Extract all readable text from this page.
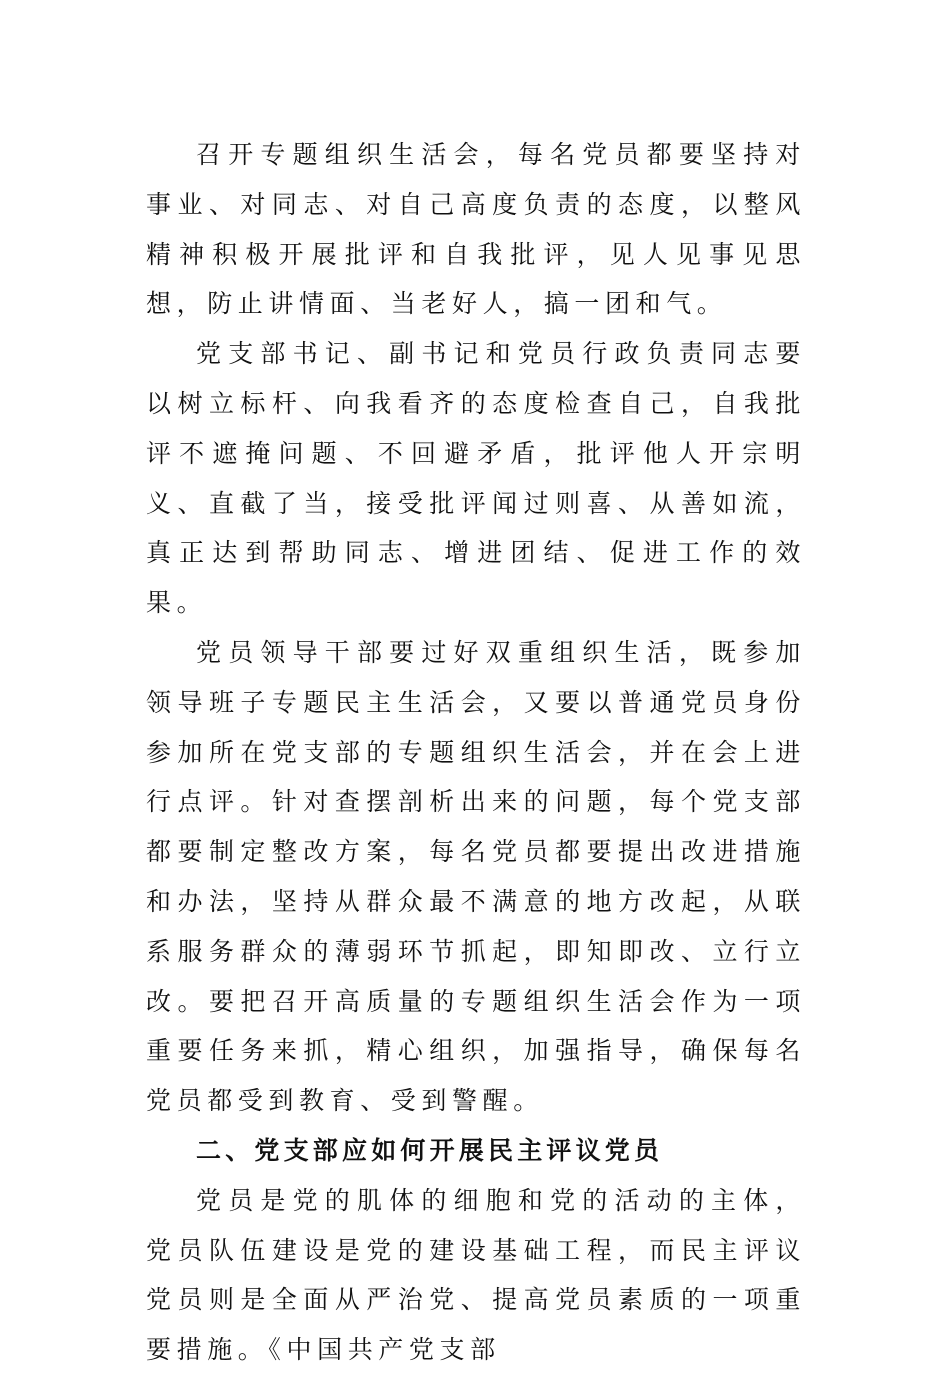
召开专题组织生活会，每名党员都要坚持对事业、对同志、对自己高度负责的态度，以整风精神积极开展批评和自我批评，见人见事见思想，防止讲情面、当老好人，搞一团和气。

党支部书记、副书记和党员行政负责同志要以树立标杆、向我看齐的态度检查自己，自我批评不遮掩问题、不回避矛盾，批评他人开宗明义、直截了当，接受批评闻过则喜、从善如流，真正达到帮助同志、增进团结、促进工作的效果。

党员领导干部要过好双重组织生活，既参加领导班子专题民主生活会，又要以普通党员身份参加所在党支部的专题组织生活会，并在会上进行点评。针对查摆剖析出来的问题，每个党支部都要制定整改方案，每名党员都要提出改进措施和办法，坚持从群众最不满意的地方改起，从联系服务群众的薄弱环节抓起，即知即改、立行立改。要把召开高质量的专题组织生活会作为一项重要任务来抓，精心组织，加强指导，确保每名党员都受到教育、受到警醒。

二、党支部应如何开展民主评议党员

党员是党的肌体的细胞和党的活动的主体，党员队伍建设是党的建设基础工程，而民主评议党员则是全面从严治党、提高党员素质的一项重要措施。《中国共产党支部
